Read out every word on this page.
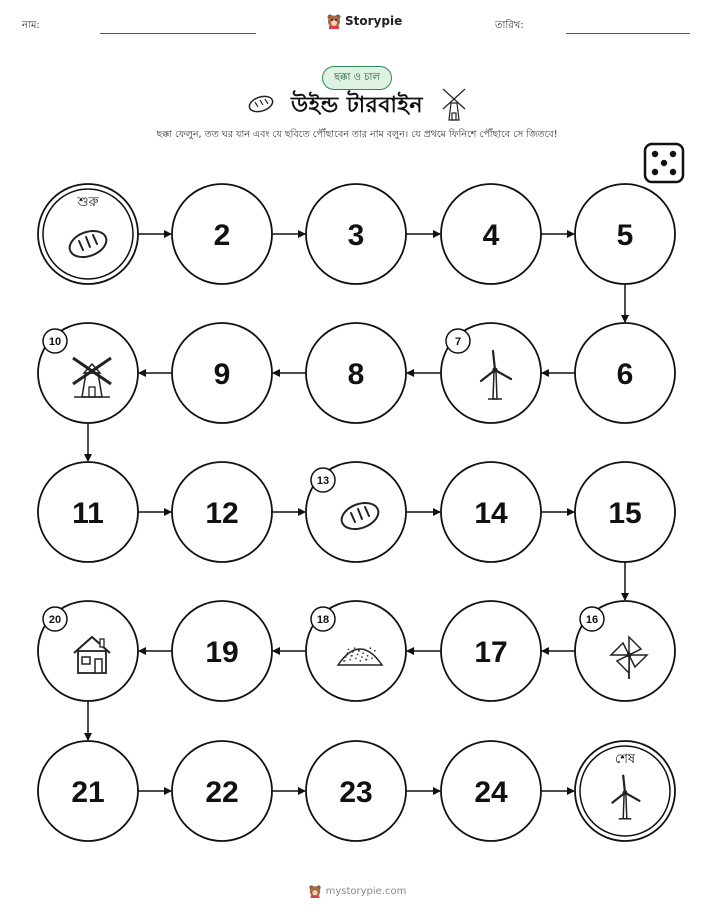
নাম:	Storypie	তারিখ:
ছক্কা ও চাল
উইন্ড টারবাইন
ছক্কা ফেলুন, তত ঘর যান এবং যে ছবিতে পৌঁছাবেন তার নাম বলুন। যে প্রথমে ফিনিশে পৌঁছাবে সে জিতবে!
শুরু
2	3	4	5
6
7
8
9
10
11	12
13
14	15
16
17
18
19
20
21	22	23	24
শেষ
mystorypie.com
